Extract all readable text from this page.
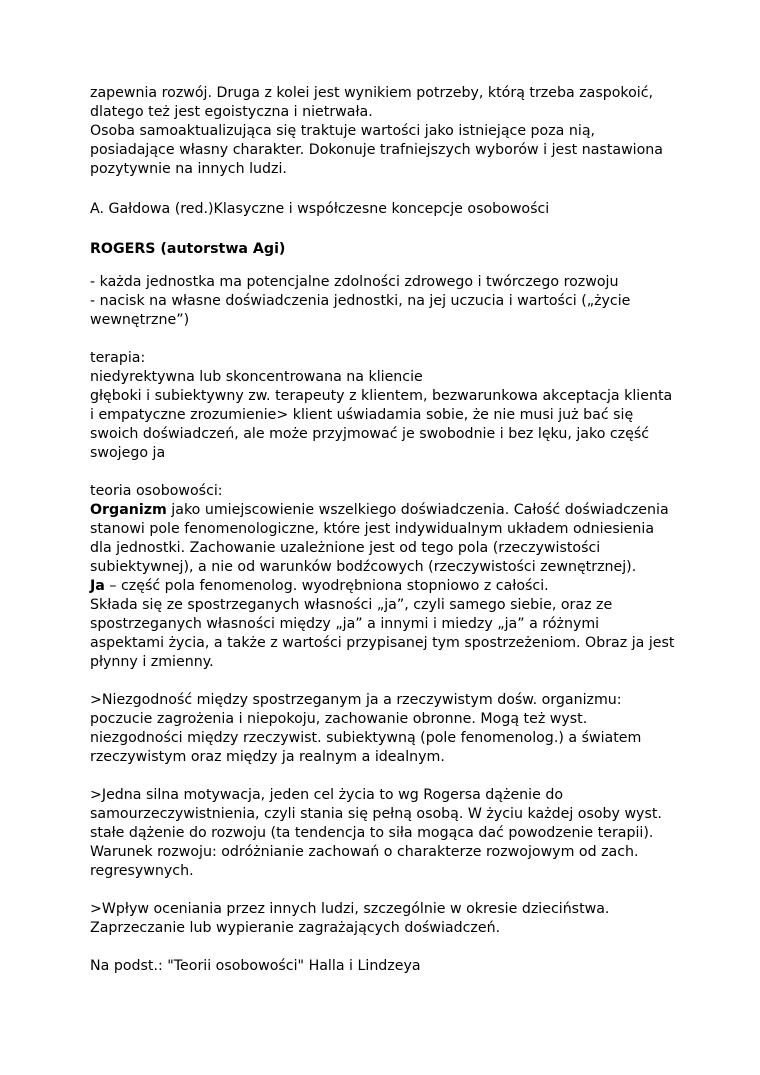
zapewnia rozwój. Druga z kolei jest wynikiem potrzeby, którą trzeba zaspokoić,
dlatego też jest egoistyczna i nietrwała.
Osoba samoaktualizująca się traktuje wartości jako istniejące poza nią,
posiadające własny charakter. Dokonuje trafniejszych wyborów i jest nastawiona
pozytywnie na innych ludzi.
A. Gałdowa (red.)Klasyczne i współczesne koncepcje osobowości
ROGERS (autorstwa Agi)
- każda jednostka ma potencjalne zdolności zdrowego i twórczego rozwoju
- nacisk na własne doświadczenia jednostki, na jej uczucia i wartości („życie
wewnętrzne”)
terapia:
niedyrektywna lub skoncentrowana na kliencie
głęboki i subiektywny zw. terapeuty z klientem, bezwarunkowa akceptacja klienta
i empatyczne zrozumienie> klient uświadamia sobie, że nie musi już bać się
swoich doświadczeń, ale może przyjmować je swobodnie i bez lęku, jako część
swojego ja
teoria osobowości:
Organizm jako umiejscowienie wszelkiego doświadczenia. Całość doświadczenia
stanowi pole fenomenologiczne, które jest indywidualnym układem odniesienia
dla jednostki. Zachowanie uzależnione jest od tego pola (rzeczywistości
subiektywnej), a nie od warunków bodźcowych (rzeczywistości zewnętrznej).
Ja – część pola fenomenolog. wyodrębniona stopniowo z całości.
Składa się ze spostrzeganych własności „ja”, czyli samego siebie, oraz ze
spostrzeganych własności między „ja” a innymi i miedzy „ja” a różnymi
aspektami życia, a także z wartości przypisanej tym spostrzeżeniom. Obraz ja jest
płynny i zmienny.
>Niezgodność między spostrzeganym ja a rzeczywistym dośw. organizmu:
poczucie zagrożenia i niepokoju, zachowanie obronne. Mogą też wyst.
niezgodności między rzeczywist. subiektywną (pole fenomenolog.) a światem
rzeczywistym oraz między ja realnym a idealnym.
>Jedna silna motywacja, jeden cel życia to wg Rogersa dążenie do
samourzeczywistnienia, czyli stania się pełną osobą. W życiu każdej osoby wyst.
stałe dążenie do rozwoju (ta tendencja to siła mogąca dać powodzenie terapii).
Warunek rozwoju: odróżnianie zachowań o charakterze rozwojowym od zach.
regresywnych.
>Wpływ oceniania przez innych ludzi, szczególnie w okresie dzieciństwa.
Zaprzeczanie lub wypieranie zagrażających doświadczeń.
Na podst.: "Teorii osobowości" Halla i Lindzeya
